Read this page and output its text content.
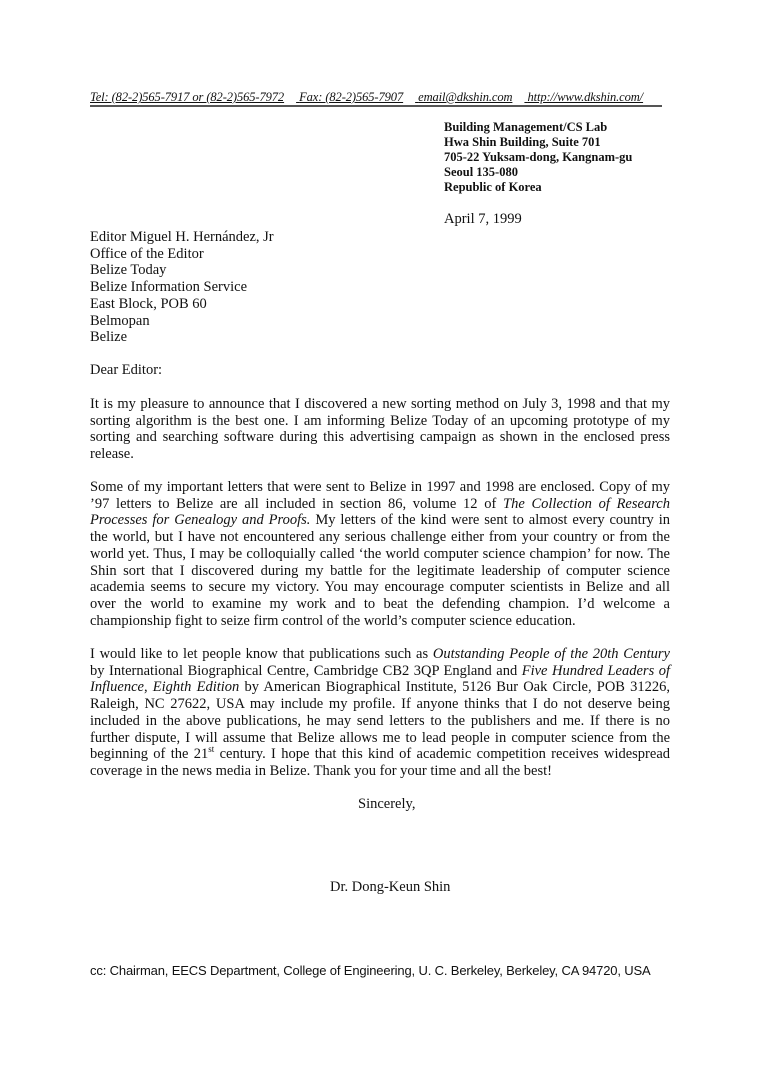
Tel: (82-2)565-7917 or (82-2)565-7972 Fax: (82-2)565-7907 email@dkshin.com http://www.dkshin.com/
Building Management/CS Lab
Hwa Shin Building, Suite 701
705-22 Yuksam-dong, Kangnam-gu
Seoul 135-080
Republic of Korea
April 7, 1999
Editor Miguel H. Hernández, Jr
Office of the Editor
Belize Today
Belize Information Service
East Block, POB 60
Belmopan
Belize
Dear Editor:
It is my pleasure to announce that I discovered a new sorting method on July 3, 1998 and that my sorting algorithm is the best one. I am informing Belize Today of an upcoming prototype of my sorting and searching software during this advertising campaign as shown in the enclosed press release.
Some of my important letters that were sent to Belize in 1997 and 1998 are enclosed. Copy of my ’97 letters to Belize are all included in section 86, volume 12 of The Collection of Research Processes for Genealogy and Proofs. My letters of the kind were sent to almost every country in the world, but I have not encountered any serious challenge either from your country or from the world yet. Thus, I may be colloquially called ‘the world computer science champion’ for now. The Shin sort that I discovered during my battle for the legitimate leadership of computer science academia seems to secure my victory. You may encourage computer scientists in Belize and all over the world to examine my work and to beat the defending champion. I’d welcome a championship fight to seize firm control of the world’s computer science education.
I would like to let people know that publications such as Outstanding People of the 20th Century by International Biographical Centre, Cambridge CB2 3QP England and Five Hundred Leaders of Influence, Eighth Edition by American Biographical Institute, 5126 Bur Oak Circle, POB 31226, Raleigh, NC 27622, USA may include my profile. If anyone thinks that I do not deserve being included in the above publications, he may send letters to the publishers and me. If there is no further dispute, I will assume that Belize allows me to lead people in computer science from the beginning of the 21st century. I hope that this kind of academic competition receives widespread coverage in the news media in Belize. Thank you for your time and all the best!
Sincerely,
Dr. Dong-Keun Shin
cc: Chairman, EECS Department, College of Engineering, U. C. Berkeley, Berkeley, CA 94720, USA
